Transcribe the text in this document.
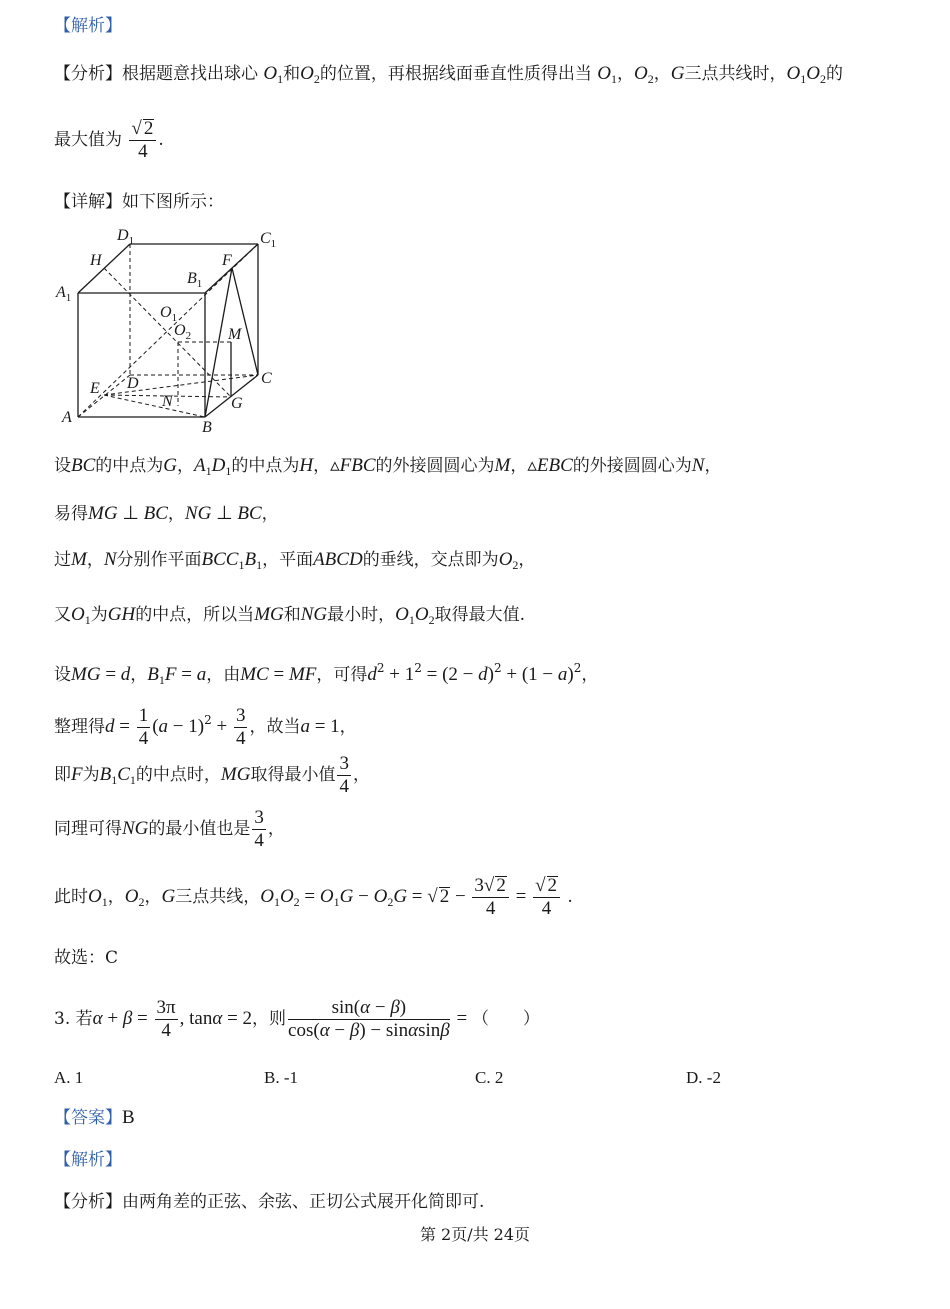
【解析】
【分析】根据题意找出球心 $O_1$和$O_2$的位置，再根据线面垂直性质得出当 $O_1$，$O_2$，G三点共线时，$O_1O_2$的
最大值为 $\frac{√ 2}{4}$ .
【详解】如下图所示：
$D_1$	$C_1$
H	F
$A_1$
$B_1$
$O_1$
$O_2$ M
E D	C
N	G
A
B
设BC的中点为G，$A_1D_1$的中点为H，▵FBC的外接圆圆心为M，▵EBC的外接圆圆心为N，
易得MG ⊥ BC，NG ⊥ BC，
过M，N分别作平面$BCC_1B_1$，平面ABCD的垂线，交点即为$O_2$，
又$O_1$为GH的中点，所以当MG和NG最小时，$O_1O_2$取得最大值.
设MG = d，$B_1F = a$，由MC = MF，可得$d^2 + 1^2 = (2 - d)^2 + (1 - a)^2$，
整理得$d = \frac{1}{4} (a - 1)^2 + \frac{3}{4}$ ，故当a = 1，
即F为$B_1C_1$的中点时，MG取得最小值 $\frac{3}{4}$ ，
同理可得NG的最小值也是 $\frac{3}{4}$ ，
此时$O_1$，$O_2$，G三点共线，$O_1O_2 = O_1G - O_2G$ = √ $2 - \frac{3√ 2}{4} = \frac{√ 2}{4}$ .
故选：C
3. 若$\alpha + \beta = \frac{3\pi}{4}$ , tanα = 2，则 $\frac{\sin(\alpha - \beta)}{\cos(\alpha - \beta) - \sin\alpha\sin\beta}$ = （　　）
A. 1	B. -1	C. 2	D. -2
【答案】B
【解析】
【分析】由两角差的正弦、余弦、正切公式展开化简即可.
第 2页/共 24页
